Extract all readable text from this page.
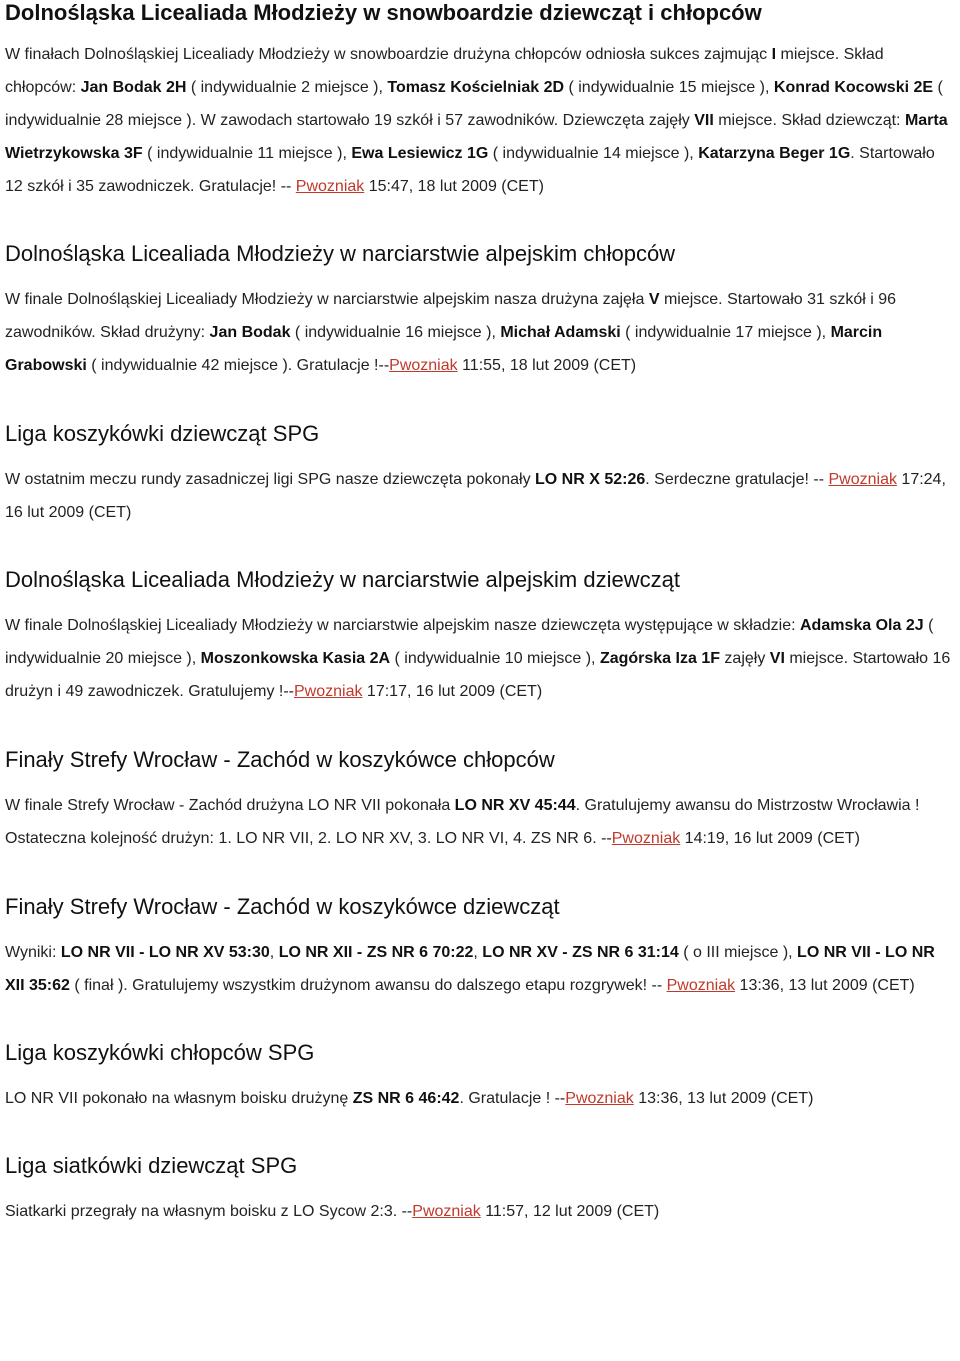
Dolnośląska Licealiada Młodzieży w snowboardzie dziewcząt i chłopców

W finałach Dolnośląskiej Licealiady Młodzieży w snowboardzie drużyna chłopców odniosła sukces zajmując I miejsce. Skład chłopców: Jan Bodak 2H ( indywidualnie 2 miejsce ), Tomasz Kościelniak 2D ( indywidualnie 15 miejsce ), Konrad Kocowski 2E ( indywidualnie 28 miejsce ). W zawodach startowało 19 szkół i 57 zawodników. Dziewczęta zajęły VII miejsce. Skład dziewcząt: Marta Wietrzykowska 3F ( indywidualnie 11 miejsce ), Ewa Lesiewicz 1G ( indywidualnie 14 miejsce ), Katarzyna Beger 1G. Startowało 12 szkół i 35 zawodniczek. Gratulacje! -- Pwozniak 15:47, 18 lut 2009 (CET)

Dolnośląska Licealiada Młodzieży w narciarstwie alpejskim chłopców

W finale Dolnośląskiej Licealiady Młodzieży w narciarstwie alpejskim nasza drużyna zajęła V miejsce. Startowało 31 szkół i 96 zawodników. Skład drużyny: Jan Bodak ( indywidualnie 16 miejsce ), Michał Adamski ( indywidualnie 17 miejsce ), Marcin Grabowski ( indywidualnie 42 miejsce ). Gratulacje !--Pwozniak 11:55, 18 lut 2009 (CET)

Liga koszykówki dziewcząt SPG

W ostatnim meczu rundy zasadniczej ligi SPG nasze dziewczęta pokonały LO NR X 52:26. Serdeczne gratulacje! -- Pwozniak 17:24, 16 lut 2009 (CET)

Dolnośląska Licealiada Młodzieży w narciarstwie alpejskim dziewcząt

W finale Dolnośląskiej Licealiady Młodzieży w narciarstwie alpejskim nasze dziewczęta występujące w składzie: Adamska Ola 2J ( indywidualnie 20 miejsce ), Moszonkowska Kasia 2A ( indywidualnie 10 miejsce ), Zagórska Iza 1F zajęły VI miejsce. Startowało 16 drużyn i 49 zawodniczek. Gratulujemy !--Pwozniak 17:17, 16 lut 2009 (CET)

Finały Strefy Wrocław - Zachód w koszykówce chłopców

W finale Strefy Wrocław - Zachód drużyna LO NR VII pokonała LO NR XV 45:44. Gratulujemy awansu do Mistrzostw Wrocławia ! Ostateczna kolejność drużyn: 1. LO NR VII, 2. LO NR XV, 3. LO NR VI, 4. ZS NR 6. --Pwozniak 14:19, 16 lut 2009 (CET)

Finały Strefy Wrocław - Zachód w koszykówce dziewcząt

Wyniki: LO NR VII - LO NR XV 53:30, LO NR XII - ZS NR 6 70:22, LO NR XV - ZS NR 6 31:14 ( o III miejsce ), LO NR VII - LO NR XII 35:62 ( finał ). Gratulujemy wszystkim drużynom awansu do dalszego etapu rozgrywek! -- Pwozniak 13:36, 13 lut 2009 (CET)

Liga koszykówki chłopców SPG

LO NR VII pokonało na własnym boisku drużynę ZS NR 6 46:42. Gratulacje ! --Pwozniak 13:36, 13 lut 2009 (CET)

Liga siatkówki dziewcząt SPG

Siatkarki przegrały na własnym boisku z LO Sycow 2:3. --Pwozniak 11:57, 12 lut 2009 (CET)
